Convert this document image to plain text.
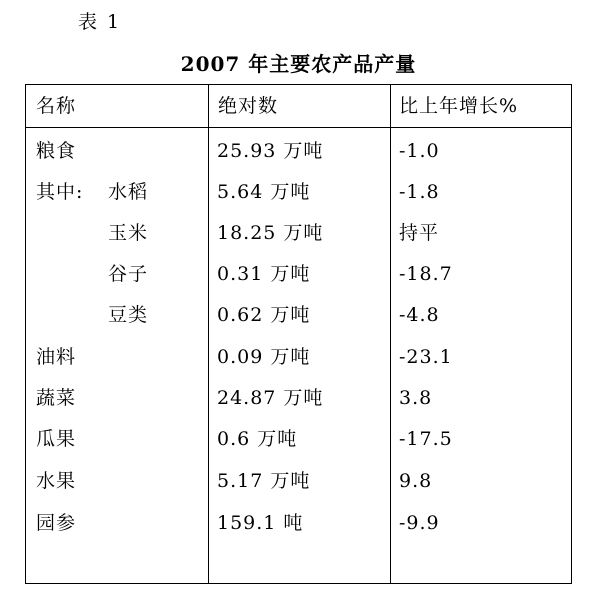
表 1
2007 年主要农产品产量
名称	绝对数	比上年增长%
粮食	25.93 万吨	-1.0
其中: 水稻	5.64 万吨	-1.8
玉米	18.25 万吨	持平
谷子	0.31 万吨	-18.7
豆类	0.62 万吨	-4.8
油料	0.09 万吨	-23.1
蔬菜	24.87 万吨	3.8
瓜果	0.6 万吨	-17.5
水果	5.17 万吨	9.8
园参	159.1 吨	-9.9
